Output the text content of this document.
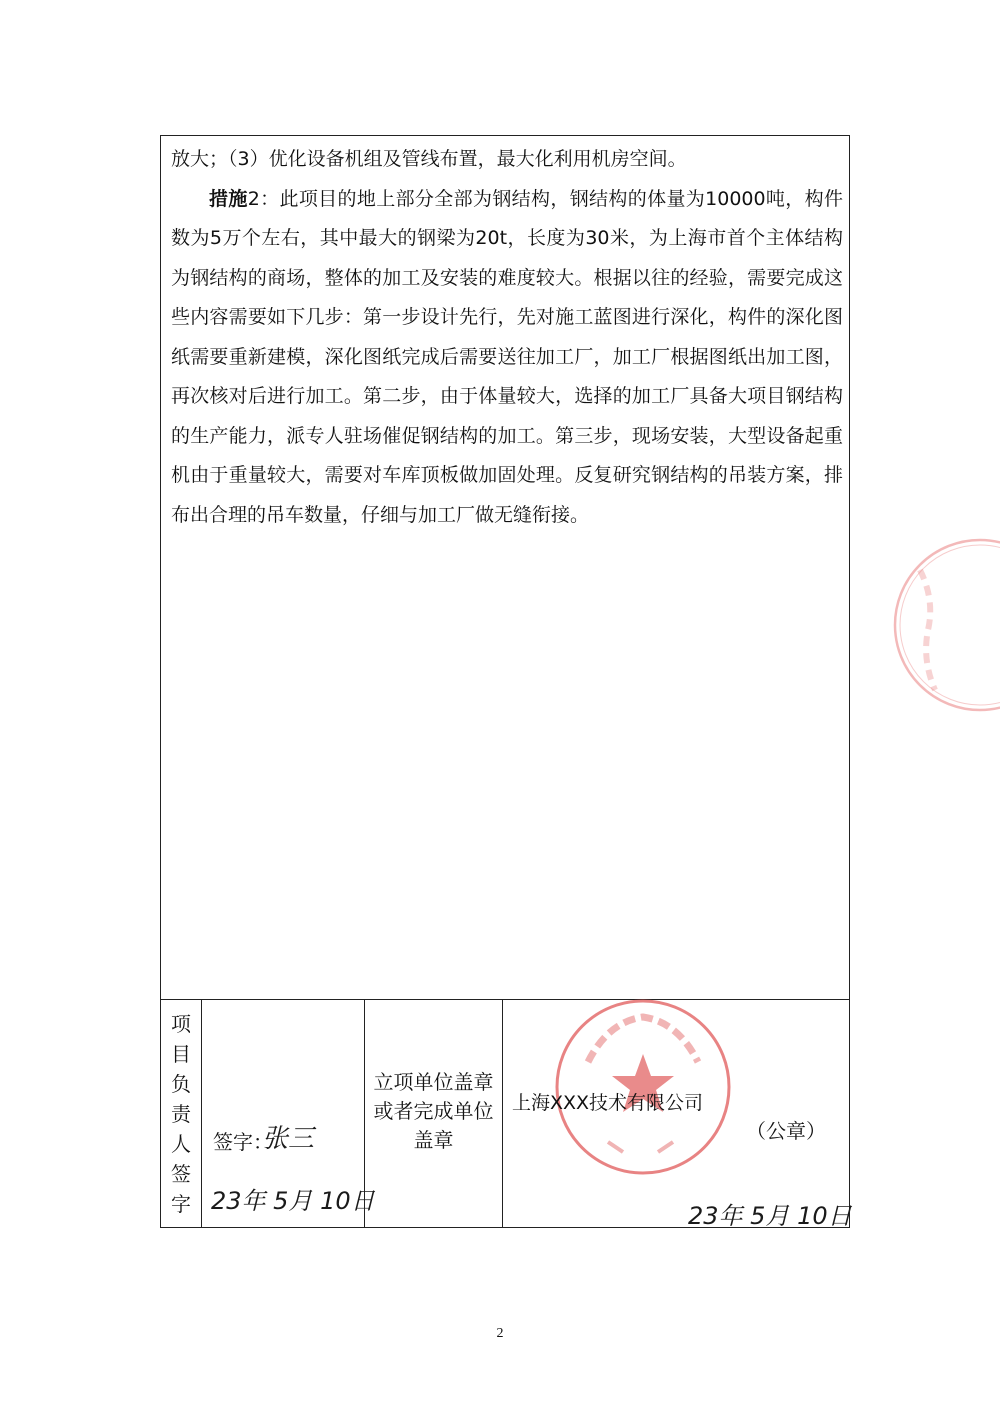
放大；（3）优化设备机组及管线布置，最大化利用机房空间。

措施2：此项目的地上部分全部为钢结构，钢结构的体量为10000吨，构件数为5万个左右，其中最大的钢梁为20t，长度为30米，为上海市首个主体结构为钢结构的商场，整体的加工及安装的难度较大。根据以往的经验，需要完成这些内容需要如下几步：第一步设计先行，先对施工蓝图进行深化，构件的深化图纸需要重新建模，深化图纸完成后需要送往加工厂，加工厂根据图纸出加工图，再次核对后进行加工。第二步，由于体量较大，选择的加工厂具备大项目钢结构的生产能力，派专人驻场催促钢结构的加工。第三步，现场安装，大型设备起重机由于重量较大，需要对车库顶板做加固处理。反复研究钢结构的吊装方案，排布出合理的吊车数量，仔细与加工厂做无缝衔接。

项
目
负
责
人
签
字
签字：
张三
23年 5月 10日
立项单位盖章或者完成单位盖章
上海XXX技术有限公司
（公章）
23年 5月 10日
2
